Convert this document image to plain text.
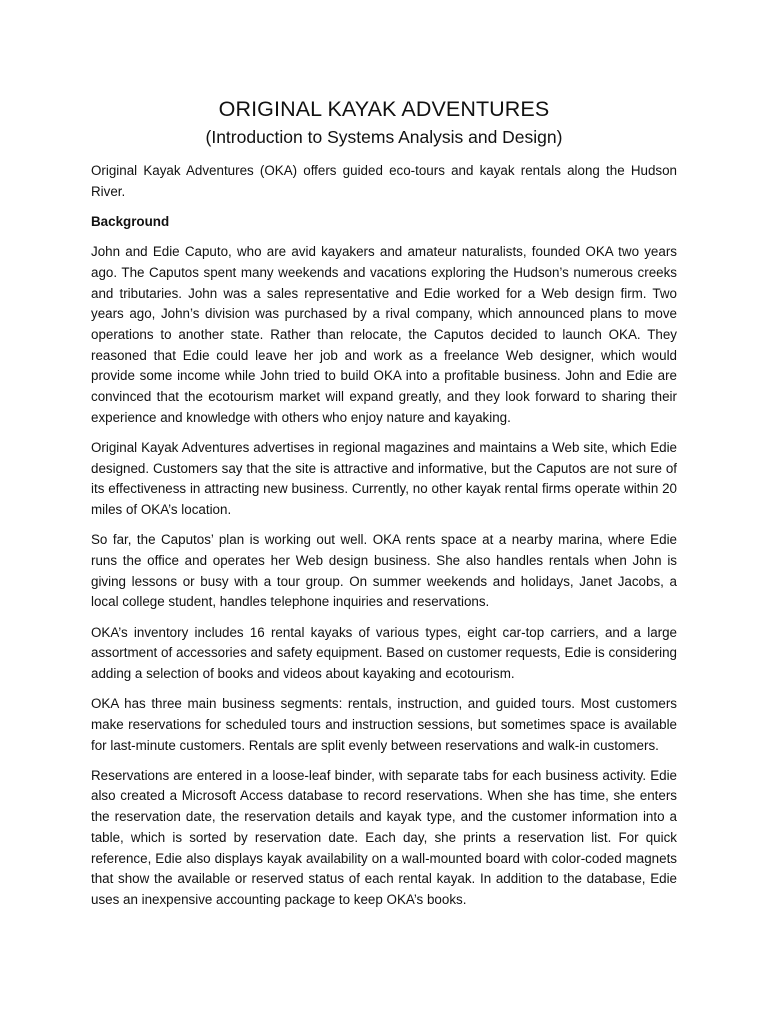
ORIGINAL KAYAK ADVENTURES
(Introduction to Systems Analysis and Design)

Original Kayak Adventures (OKA) offers guided eco-tours and kayak rentals along the Hudson River.

Background

John and Edie Caputo, who are avid kayakers and amateur naturalists, founded OKA two years ago. The Caputos spent many weekends and vacations exploring the Hudson’s numerous creeks and tributaries. John was a sales representative and Edie worked for a Web design firm. Two years ago, John’s division was purchased by a rival company, which announced plans to move operations to another state. Rather than relocate, the Caputos decided to launch OKA. They reasoned that Edie could leave her job and work as a freelance Web designer, which would provide some income while John tried to build OKA into a profitable business. John and Edie are convinced that the ecotourism market will expand greatly, and they look forward to sharing their experience and knowledge with others who enjoy nature and kayaking.

Original Kayak Adventures advertises in regional magazines and maintains a Web site, which Edie designed. Customers say that the site is attractive and informative, but the Caputos are not sure of its effectiveness in attracting new business. Currently, no other kayak rental firms operate within 20 miles of OKA’s location.

So far, the Caputos’ plan is working out well. OKA rents space at a nearby marina, where Edie runs the office and operates her Web design business. She also handles rentals when John is giving lessons or busy with a tour group. On summer weekends and holidays, Janet Jacobs, a local college student, handles telephone inquiries and reservations.

OKA’s inventory includes 16 rental kayaks of various types, eight car-top carriers, and a large assortment of accessories and safety equipment. Based on customer requests, Edie is considering adding a selection of books and videos about kayaking and ecotourism.

OKA has three main business segments: rentals, instruction, and guided tours. Most customers make reservations for scheduled tours and instruction sessions, but sometimes space is available for last-minute customers. Rentals are split evenly between reservations and walk-in customers.

Reservations are entered in a loose-leaf binder, with separate tabs for each business activity. Edie also created a Microsoft Access database to record reservations. When she has time, she enters the reservation date, the reservation details and kayak type, and the customer information into a table, which is sorted by reservation date. Each day, she prints a reservation list. For quick reference, Edie also displays kayak availability on a wall-mounted board with color-coded magnets that show the available or reserved status of each rental kayak. In addition to the database, Edie uses an inexpensive accounting package to keep OKA’s books.
